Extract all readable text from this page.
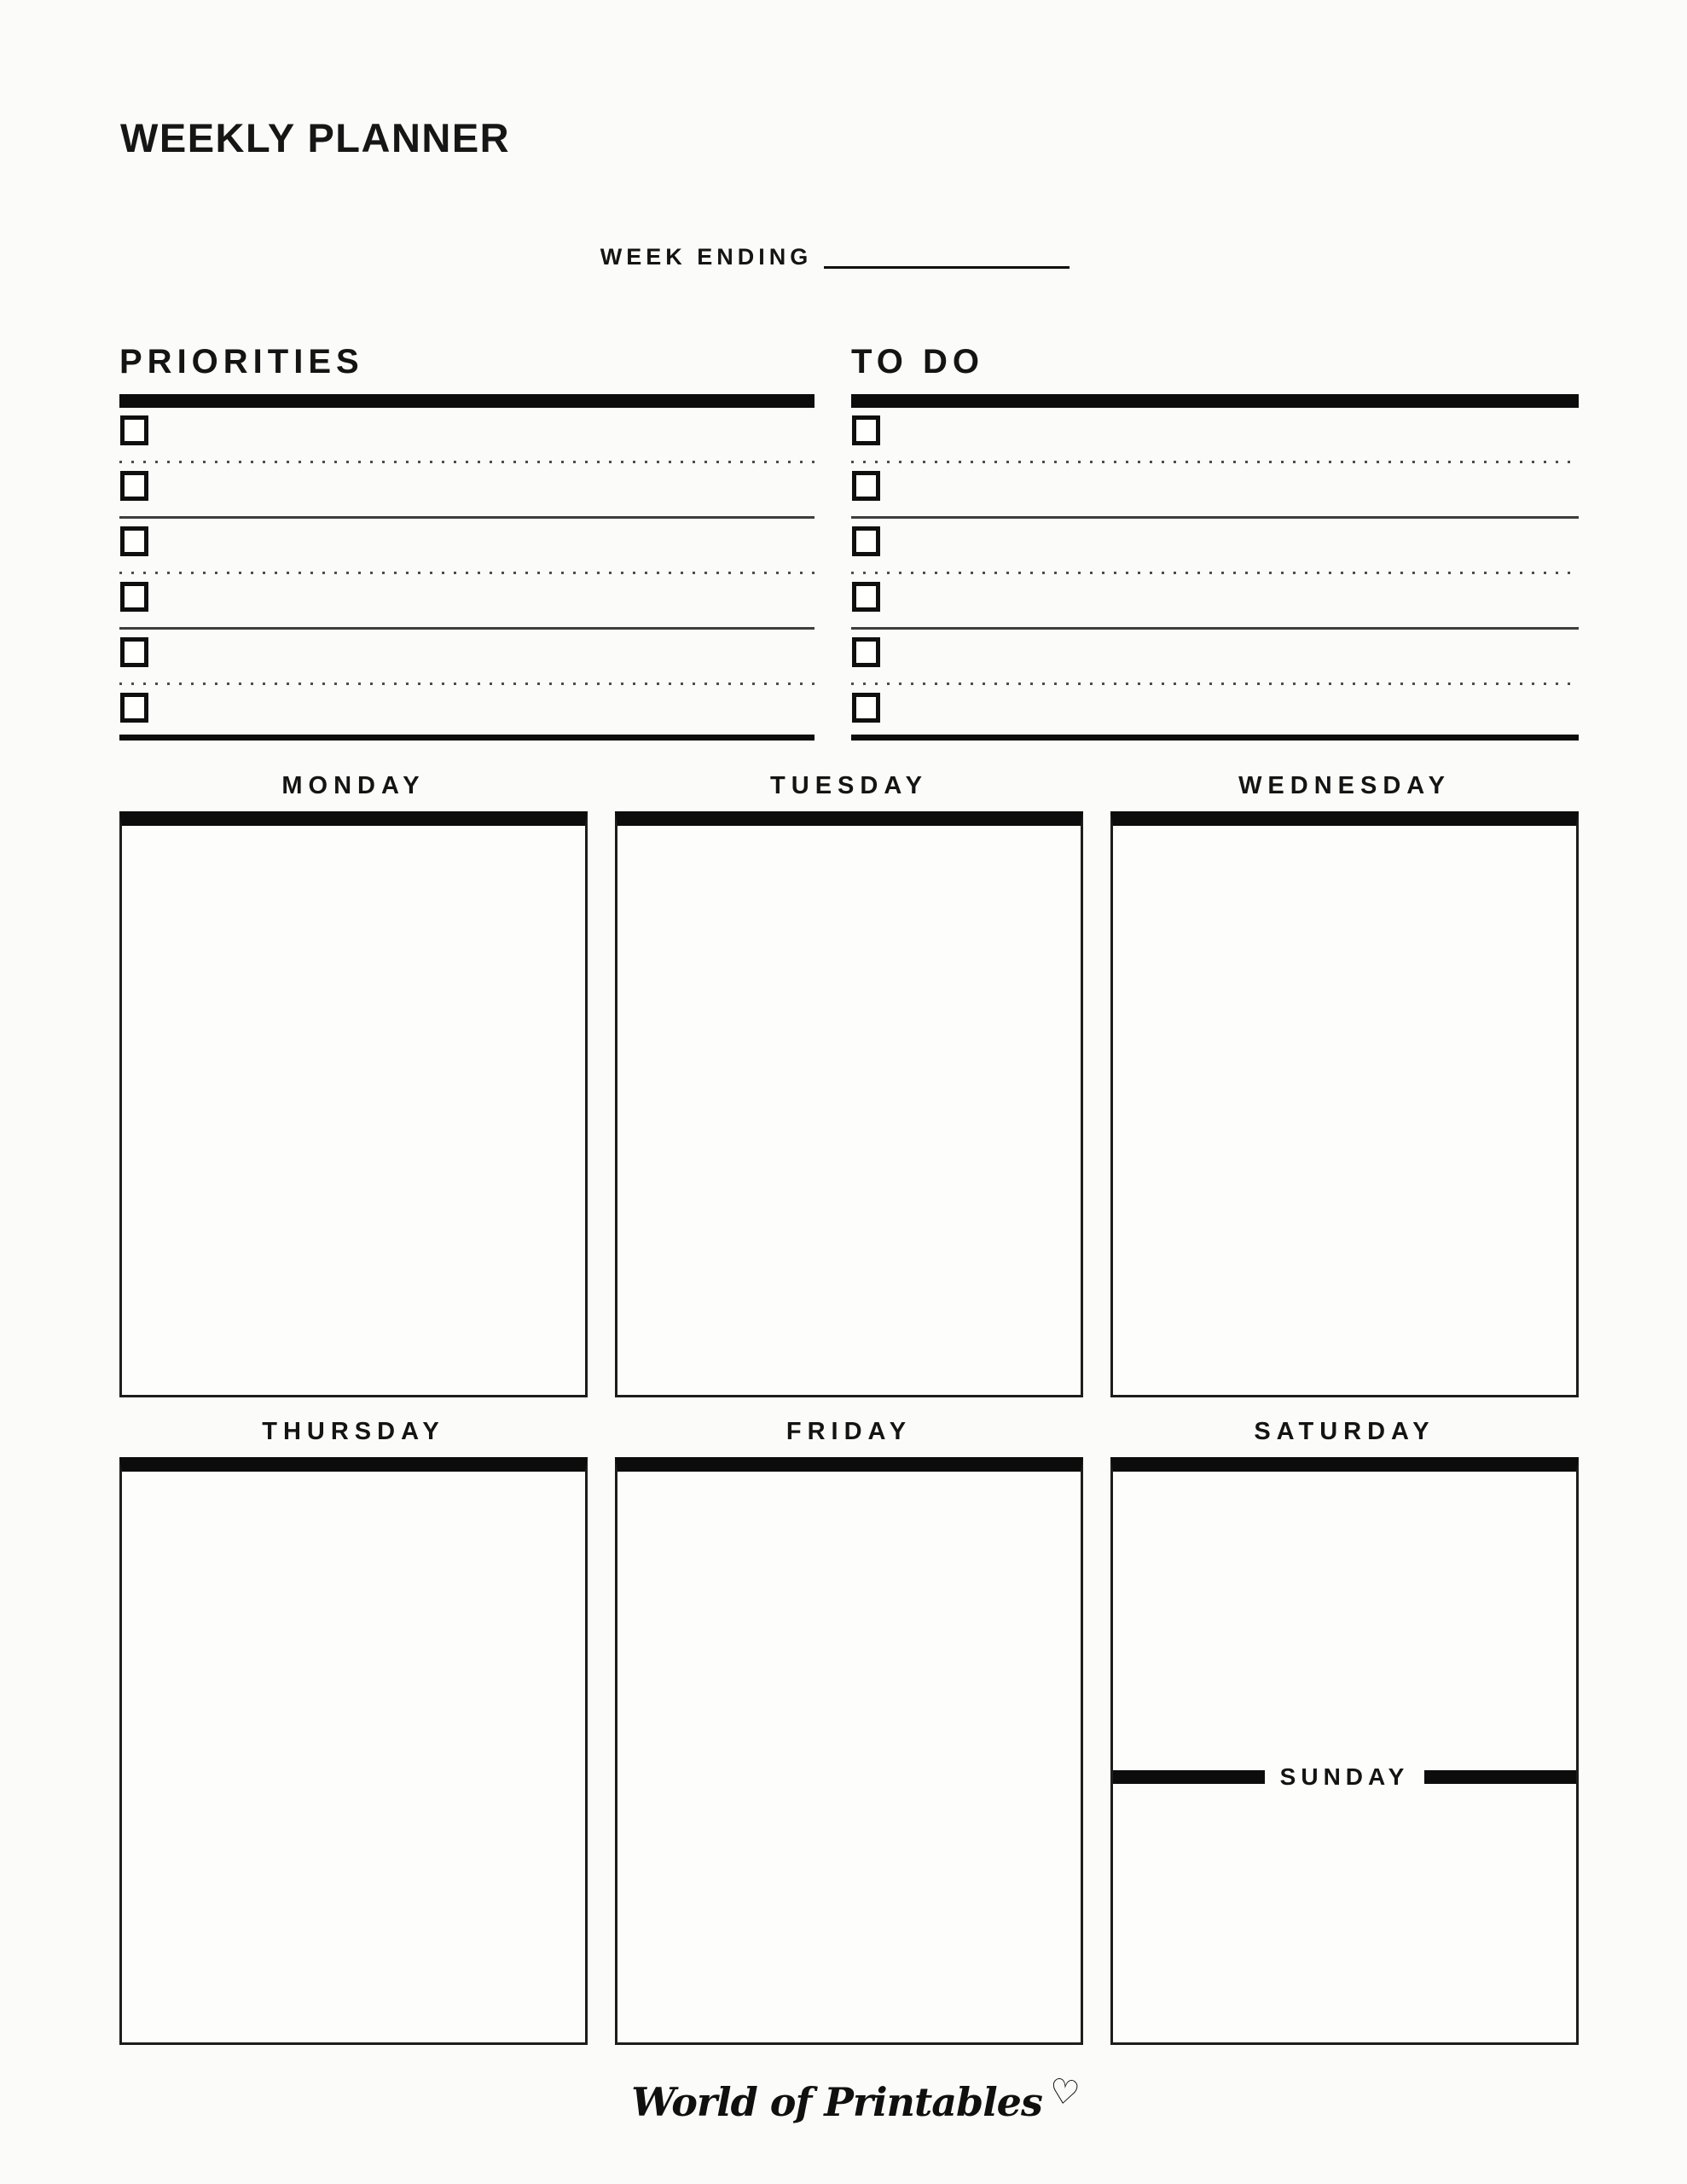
WEEKLY PLANNER
WEEK ENDING
PRIORITIES	TO DO
MONDAY	TUESDAY	WEDNESDAY
THURSDAY	FRIDAY	SATURDAY
SUNDAY
World of Printables ♡
